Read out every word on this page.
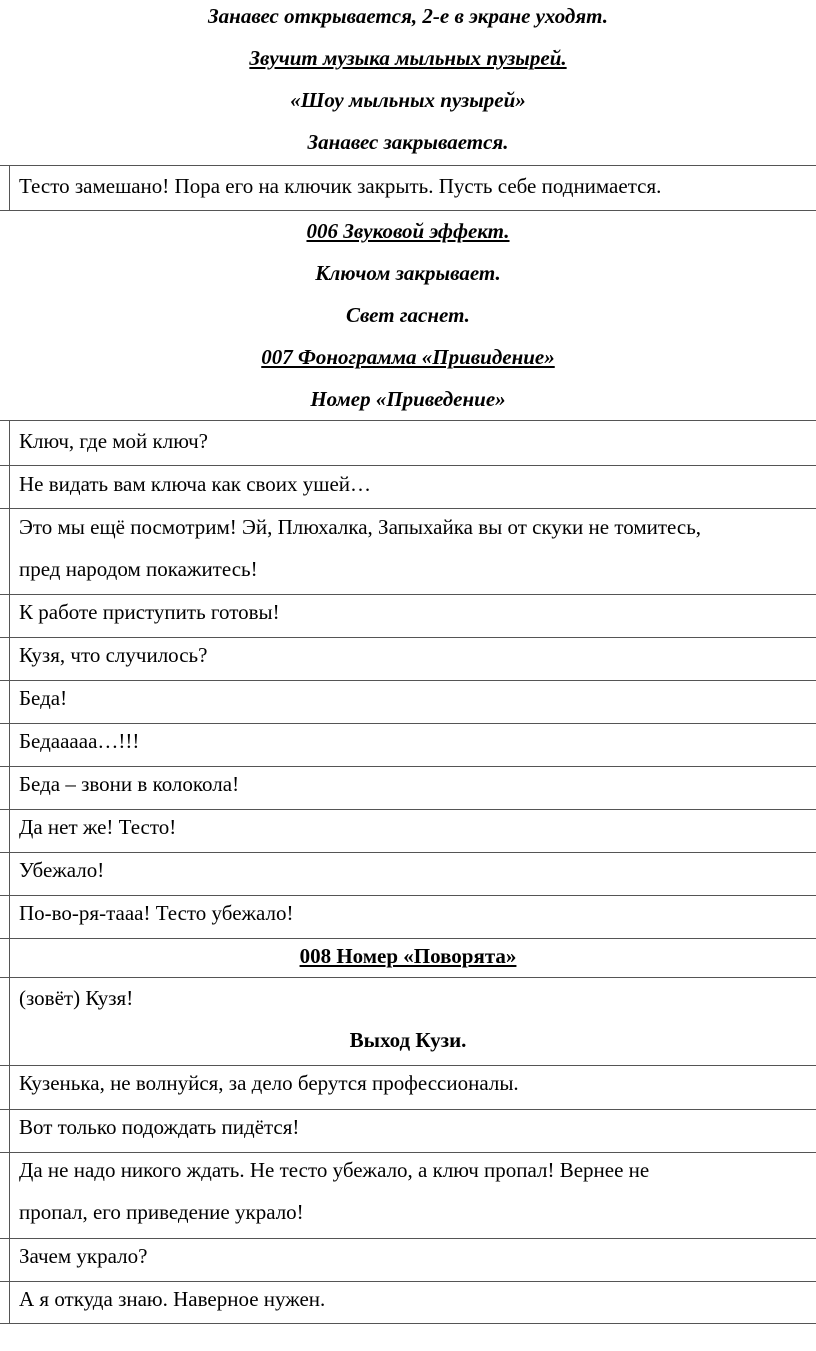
Занавес открывается, 2-е в экране уходят.
Звучит музыка мыльных пузырей.
«Шоу мыльных пузырей»
Занавес закрывается.
Тесто замешано! Пора его на ключик закрыть. Пусть себе поднимается.
006 Звуковой эффект.
Ключом закрывает.
Свет гаснет.
007 Фонограмма «Привидение»
Номер «Приведение»
Ключ, где мой ключ?
Не видать вам ключа как своих ушей…
Это мы ещё посмотрим! Эй, Плюхалка, Запыхайка вы от скуки не томитесь,
пред народом покажитесь!
К работе приступить готовы!
Кузя, что случилось?
Беда!
Бедааааа…!!!
Беда – звони в колокола!
Да нет же! Тесто!
Убежало!
По-во-ря-тааа! Тесто убежало!
008 Номер «Поворята»
(зовёт) Кузя!
Выход Кузи.
Кузенька, не волнуйся, за дело берутся профессионалы.
Вот только подождать пидётся!
Да не надо никого ждать. Не тесто убежало, а ключ пропал! Вернее не
пропал, его приведение украло!
Зачем украло?
А я откуда знаю. Наверное нужен.
